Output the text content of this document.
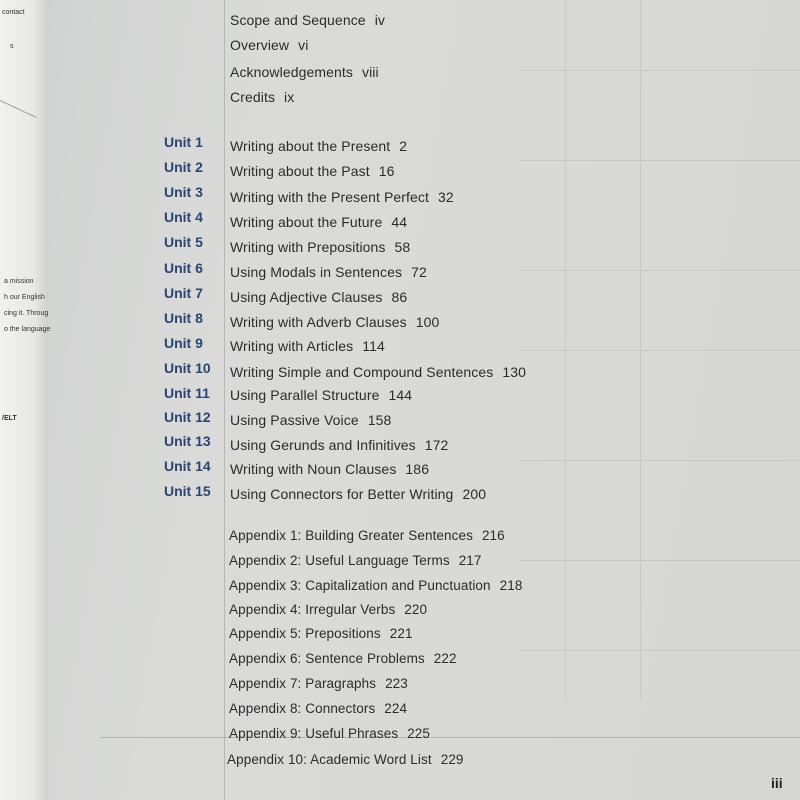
contact
s
a mission
h our English
cing it. Throug
o the language
/ELT
Scope and Sequence iv
Overview vi
Acknowledgements viii
Credits ix
Unit 1 Writing about the Present 2
Unit 2 Writing about the Past 16
Unit 3 Writing with the Present Perfect 32
Unit 4 Writing about the Future 44
Unit 5 Writing with Prepositions 58
Unit 6 Using Modals in Sentences 72
Unit 7 Using Adjective Clauses 86
Unit 8 Writing with Adverb Clauses 100
Unit 9 Writing with Articles 114
Unit 10 Writing Simple and Compound Sentences 130
Unit 11 Using Parallel Structure 144
Unit 12 Using Passive Voice 158
Unit 13 Using Gerunds and Infinitives 172
Unit 14 Writing with Noun Clauses 186
Unit 15 Using Connectors for Better Writing 200
Appendix 1: Building Greater Sentences 216
Appendix 2: Useful Language Terms 217
Appendix 3: Capitalization and Punctuation 218
Appendix 4: Irregular Verbs 220
Appendix 5: Prepositions 221
Appendix 6: Sentence Problems 222
Appendix 7: Paragraphs 223
Appendix 8: Connectors 224
Appendix 9: Useful Phrases 225
Appendix 10: Academic Word List 229
iii
